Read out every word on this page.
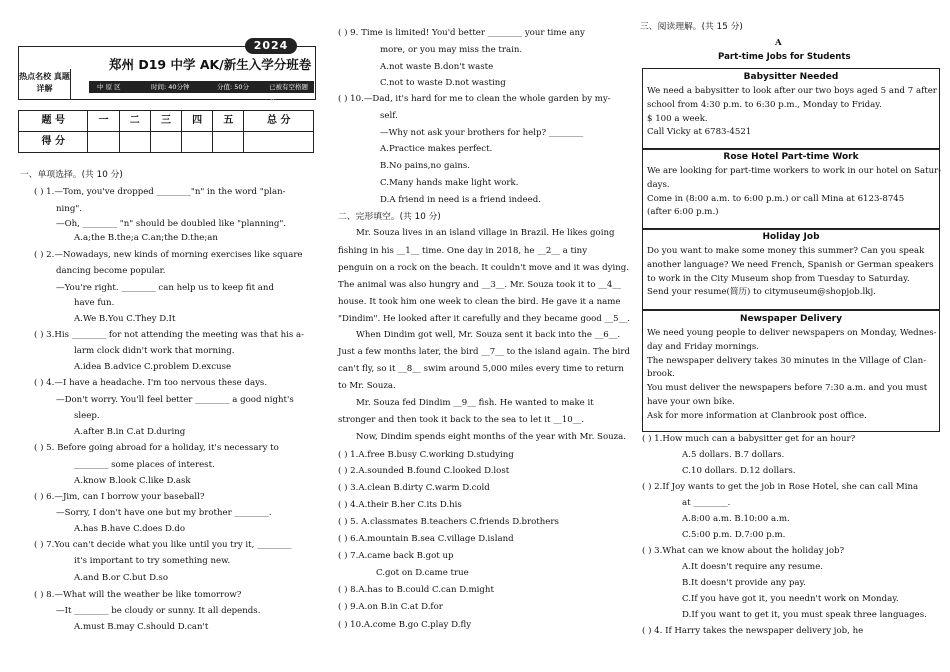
热点名校 真题详解
郑州 D19 中学 AK/新生入学分班卷
中 原 区	时间: 40分钟	分值: 50分	已被有空格题分
2024
题 号	一	二	三	四	五	总 分
得 分						
一、单项选择。(共 10 分)
( ) 1.—Tom, you've dropped ________"n" in the word "plan-
ning".
—Oh, ________ "n" should be doubled like "planning".
A.a;the B.the;a C.an;the D.the;an
( ) 2.—Nowadays, new kinds of morning exercises like square
dancing become popular.
—You're right. ________ can help us to keep fit and
have fun.
A.We B.You C.They D.It
( ) 3.His ________ for not attending the meeting was that his a-
larm clock didn't work that morning.
A.idea B.advice C.problem D.excuse
( ) 4.—I have a headache. I'm too nervous these days.
—Don't worry. You'll feel better ________ a good night's
sleep.
A.after B.in C.at D.during
( ) 5. Before going abroad for a holiday, it's necessary to
________ some places of interest.
A.know B.look C.like D.ask
( ) 6.—Jim, can I borrow your baseball?
—Sorry, I don't have one but my brother ________.
A.has B.have C.does D.do
( ) 7.You can't decide what you like until you try it, ________
it's important to try something new.
A.and B.or C.but D.so
( ) 8.—What will the weather be like tomorrow?
—It ________ be cloudy or sunny. It all depends.
A.must B.may C.should D.can't
( ) 9. Time is limited! You'd better ________ your time any
more, or you may miss the train.
A.not waste B.don't waste
C.not to waste D.not wasting
( ) 10.—Dad, it's hard for me to clean the whole garden by my-
self.
—Why not ask your brothers for help? ________
A.Practice makes perfect.
B.No pains,no gains.
C.Many hands make light work.
D.A friend in need is a friend indeed.
二、完形填空。(共 10 分)
Mr. Souza lives in an island village in Brazil. He likes going
fishing in his __1__ time. One day in 2018, he __2__ a tiny
penguin on a rock on the beach. It couldn't move and it was dying.
The animal was also hungry and __3__. Mr. Souza took it to __4__
house. It took him one week to clean the bird. He gave it a name
"Dindim". He looked after it carefully and they became good __5__.
When Dindim got well, Mr. Souza sent it back into the __6__.
Just a few months later, the bird __7__ to the island again. The bird
can't fly, so it __8__ swim around 5,000 miles every time to return
to Mr. Souza.
Mr. Souza fed Dindim __9__ fish. He wanted to make it
stronger and then took it back to the sea to let it __10__.
Now, Dindim spends eight months of the year with Mr. Souza.
( ) 1.A.free B.busy C.working D.studying
( ) 2.A.sounded B.found C.looked D.lost
( ) 3.A.clean B.dirty C.warm D.cold
( ) 4.A.their B.her C.its D.his
( ) 5. A.classmates B.teachers C.friends D.brothers
( ) 6.A.mountain B.sea C.village D.island
( ) 7.A.came back B.got up
C.got on D.came true
( ) 8.A.has to B.could C.can D.might
( ) 9.A.on B.in C.at D.for
( ) 10.A.come B.go C.play D.fly
三、阅读理解。(共 15 分)
A
Part-time Jobs for Students
Babysitter Needed
We need a babysitter to look after our two boys aged 5 and 7 after
school from 4:30 p.m. to 6:30 p.m., Monday to Friday.
$ 100 a week.
Call Vicky at 6783-4521
Rose Hotel Part-time Work
We are looking for part-time workers to work in our hotel on Satur-
days.
Come in (8:00 a.m. to 6:00 p.m.) or call Mina at 6123-8745
(after 6:00 p.m.)
Holiday Job
Do you want to make some money this summer? Can you speak
another language? We need French, Spanish or German speakers
to work in the City Museum shop from Tuesday to Saturday.
Send your resume(简历) to citymuseum@shopjob.lkj.
Newspaper Delivery
We need young people to deliver newspapers on Monday, Wednes-
day and Friday mornings.
The newspaper delivery takes 30 minutes in the Village of Clan-
brook.
You must deliver the newspapers before 7:30 a.m. and you must
have your own bike.
Ask for more information at Clanbrook post office.
( ) 1.How much can a babysitter get for an hour?
A.5 dollars. B.7 dollars.
C.10 dollars. D.12 dollars.
( ) 2.If Joy wants to get the job in Rose Hotel, she can call Mina
at ________.
A.8:00 a.m. B.10:00 a.m.
C.5:00 p.m. D.7:00 p.m.
( ) 3.What can we know about the holiday job?
A.It doesn't require any resume.
B.It doesn't provide any pay.
C.If you have got it, you needn't work on Monday.
D.If you want to get it, you must speak three languages.
( ) 4. If Harry takes the newspaper delivery job, he
